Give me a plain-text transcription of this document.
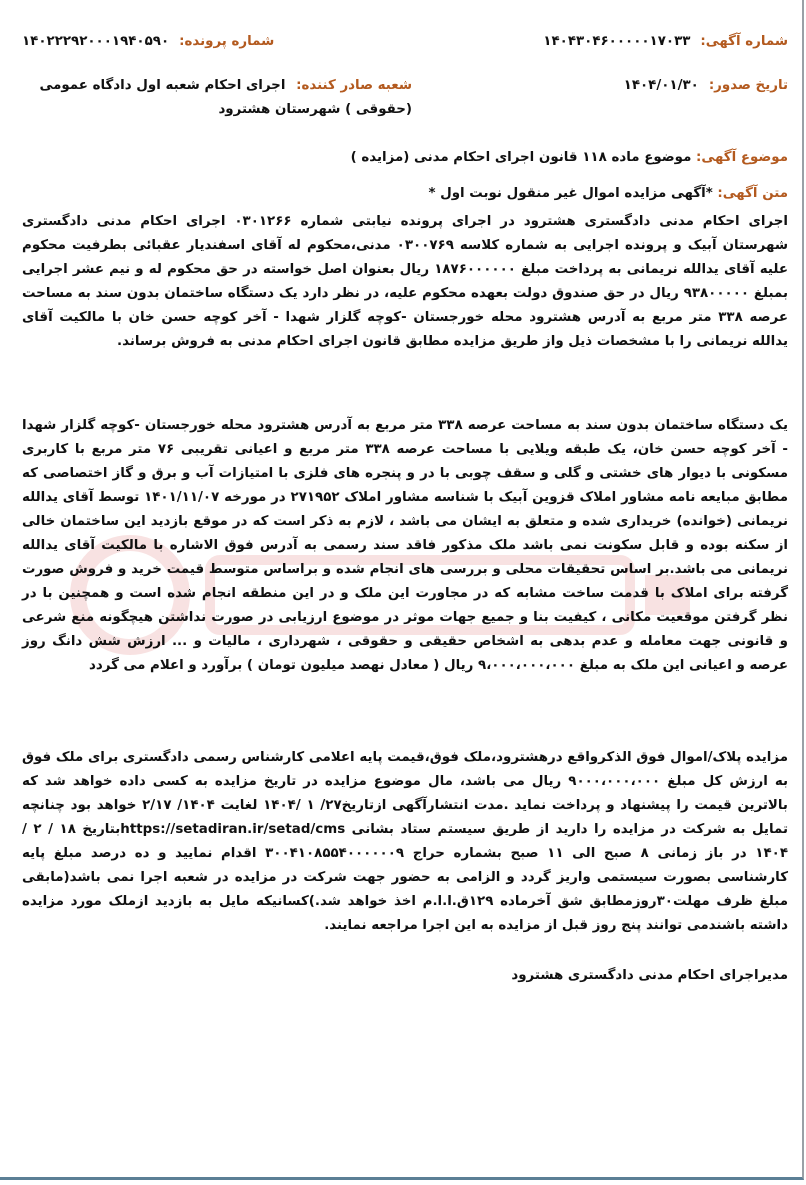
شماره آگهی:
۱۴۰۴۳۰۴۶۰۰۰۰۰۱۷۰۳۳
شماره پرونده:
۱۴۰۲۲۲۹۲۰۰۰۱۹۴۰۵۹۰
تاریخ صدور:
۱۴۰۴/۰۱/۳۰
شعبه صادر کننده: اجرای احکام شعبه اول دادگاه عمومی (حقوقی ) شهرستان هشترود
موضوع آگهی: موضوع ماده ۱۱۸ قانون اجرای احکام مدنی (مزایده )
متن آگهی: *آگهی مزایده اموال غیر منقول نوبت اول *
اجرای احکام مدنی دادگستری هشترود در اجرای پرونده نیابتی شماره ۰۳۰۱۲۶۶ اجرای احکام مدنی دادگستری شهرستان آبیک و پرونده اجرایی به شماره کلاسه ۰۳۰۰۷۶۹ مدنی،محکوم له آقای اسفندیار عقبائی بطرفیت محکوم علیه آقای یدالله نریمانی به پرداخت مبلغ ۱۸۷۶۰۰۰۰۰۰ ریال بعنوان اصل خواسته در حق محکوم له و نیم عشر اجرایی بمبلغ ۹۳۸۰۰۰۰۰ ریال در حق صندوق دولت بعهده محکوم علیه، در نظر دارد یک دستگاه ساختمان بدون سند به مساحت عرصه ۳۳۸ متر مربع به آدرس هشترود محله خورجستان -کوچه گلزار شهدا - آخر کوچه حسن خان با مالکیت آقای یدالله نریمانی را با مشخصات ذیل واز طریق مزایده مطابق قانون اجرای احکام مدنی به فروش برساند.
یک دستگاه ساختمان بدون سند به مساحت عرصه ۳۳۸ متر مربع به آدرس هشترود محله خورجستان -کوچه گلزار شهدا - آخر کوچه حسن خان، یک طبقه ویلایی با مساحت عرصه ۳۳۸ متر مربع و اعیانی تقریبی ۷۶ متر مربع با کاربری مسکونی با دیوار های خشتی و گلی و سقف چوبی با در و پنجره های فلزی با امتیازات آب و برق و گاز اختصاصی که مطابق مبایعه نامه مشاور املاک قزوین آبیک با شناسه مشاور املاک ۲۷۱۹۵۲ در مورخه ۱۴۰۱/۱۱/۰۷ توسط آقای یدالله نریمانی (خوانده) خریداری شده و متعلق به ایشان می باشد ، لازم به ذکر است که در موقع بازدید این ساختمان خالی از سکنه بوده و قابل سکونت نمی باشد ملک مذکور فاقد سند رسمی به آدرس فوق الاشاره با مالکیت آقای یدالله نریمانی می باشد.بر اساس تحقیقات محلی و بررسی های انجام شده و براساس متوسط قیمت خرید و فروش صورت گرفته برای املاک با قدمت ساخت مشابه که در مجاورت این ملک و در این منطقه انجام شده است و همچنین با در نظر گرفتن موقعیت مکانی ، کیفیت بنا و جمیع جهات موثر در موضوع ارزیابی در صورت نداشتن هیچگونه منع شرعی و قانونی جهت معامله و عدم بدهی به اشخاص حقیقی و حقوقی ، شهرداری ، مالیات و ... ارزش شش دانگ روز عرصه و اعیانی این ملک به مبلغ ۹،۰۰۰،۰۰۰،۰۰۰ ریال ( معادل نهصد میلیون تومان ) برآورد و اعلام می گردد
مزایده پلاک/اموال فوق الذکرواقع درهشترود،ملک فوق،قیمت پایه اعلامی کارشناس رسمی دادگستری برای ملک فوق به ارزش کل مبلغ ۹۰۰۰،۰۰۰،۰۰۰ ریال می باشد، مال موضوع مزایده در تاریخ مزایده به کسی داده خواهد شد که بالاترین قیمت را پیشنهاد و پرداخت نماید .مدت انتشارآگهی ازتاریخ۲۷/ ۱ /۱۴۰۴ لغایت ۱۴۰۴/ ۲/۱۷ خواهد بود چنانچه تمایل به شرکت در مزایده را دارید از طریق سیستم ستاد بشانی https://setadiran.ir/setad/cmsبتاریخ ۱۸ / ۲ / ۱۴۰۴ در باز زمانی ۸ صبح الی ۱۱ صبح بشماره حراج ۳۰۰۴۱۰۸۵۵۴۰۰۰۰۰۰۹ اقدام نمایید و ده درصد مبلغ پایه کارشناسی بصورت سیستمی واریز گردد و الزامی به حضور جهت شرکت در مزایده در شعبه اجرا نمی باشد(مابقی مبلغ ظرف مهلت۳۰روزمطابق شق آخرماده ۱۲۹ق.ا.ا.م اخذ خواهد شد.)کسانیکه مایل به بازدید ازملک مورد مزایده داشته باشندمی توانند پنج روز قبل از مزایده به این اجرا مراجعه نمایند.
مدیراجرای احکام مدنی دادگستری هشترود
